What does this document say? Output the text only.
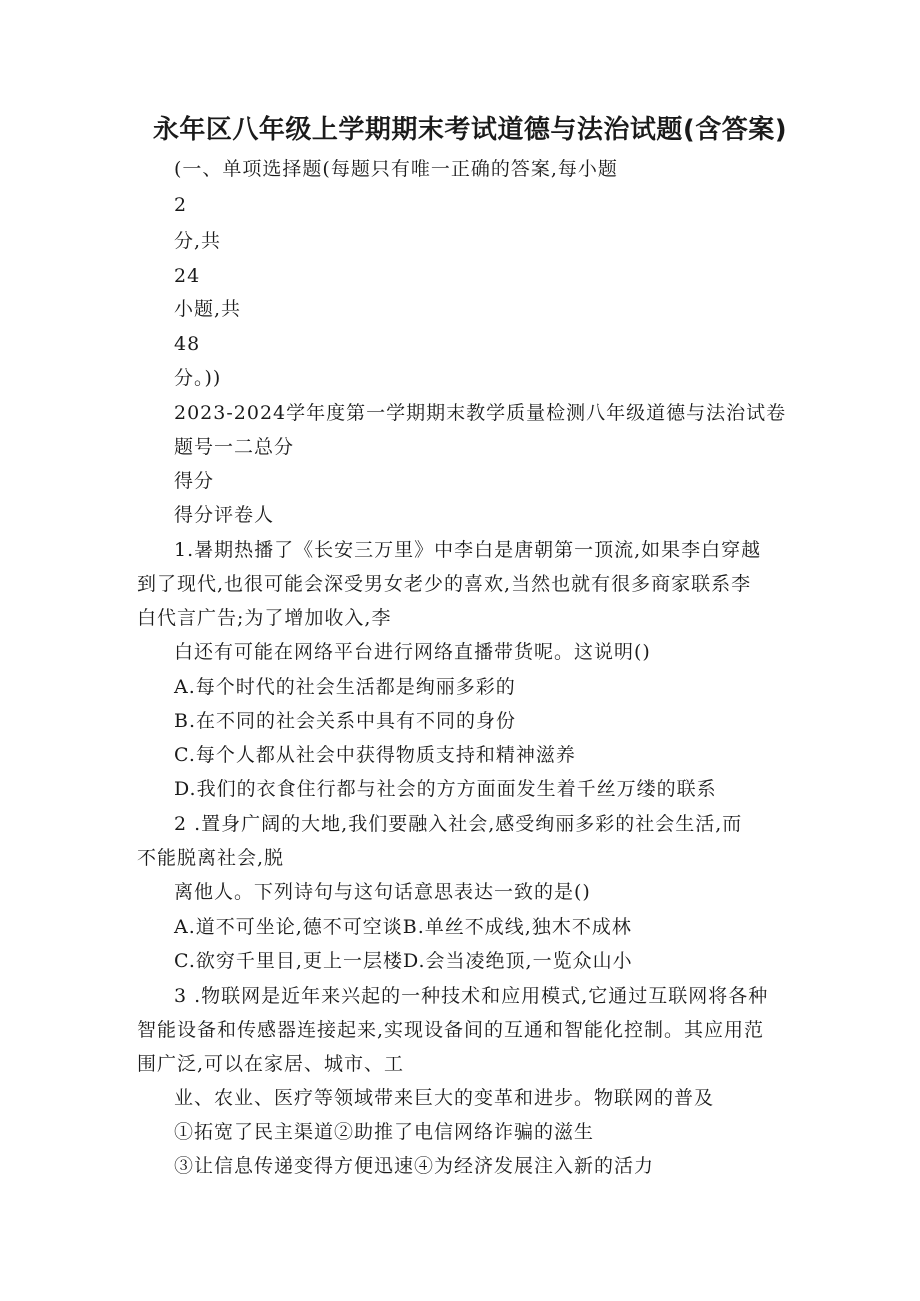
永年区八年级上学期期末考试道德与法治试题(含答案)
(一、单项选择题(每题只有唯一正确的答案,每小题
2
分,共
24
小题,共
48
分。))
2023-2024学年度第一学期期末教学质量检测八年级道德与法治试卷
题号一二总分
得分
得分评卷人
1.暑期热播了《长安三万里》中李白是唐朝第一顶流,如果李白穿越
到了现代,也很可能会深受男女老少的喜欢,当然也就有很多商家联系李
白代言广告;为了增加收入,李
白还有可能在网络平台进行网络直播带货呢。这说明()
A.每个时代的社会生活都是绚丽多彩的
B.在不同的社会关系中具有不同的身份
C.每个人都从社会中获得物质支持和精神滋养
D.我们的衣食住行都与社会的方方面面发生着千丝万缕的联系
2 .置身广阔的大地,我们要融入社会,感受绚丽多彩的社会生活,而
不能脱离社会,脱
离他人。下列诗句与这句话意思表达一致的是()
A.道不可坐论,德不可空谈B.单丝不成线,独木不成林
C.欲穷千里目,更上一层楼D.会当凌绝顶,一览众山小
3 .物联网是近年来兴起的一种技术和应用模式,它通过互联网将各种
智能设备和传感器连接起来,实现设备间的互通和智能化控制。其应用范
围广泛,可以在家居、城市、工
业、农业、医疗等领域带来巨大的变革和进步。物联网的普及
①拓宽了民主渠道②助推了电信网络诈骗的滋生
③让信息传递变得方便迅速④为经济发展注入新的活力
